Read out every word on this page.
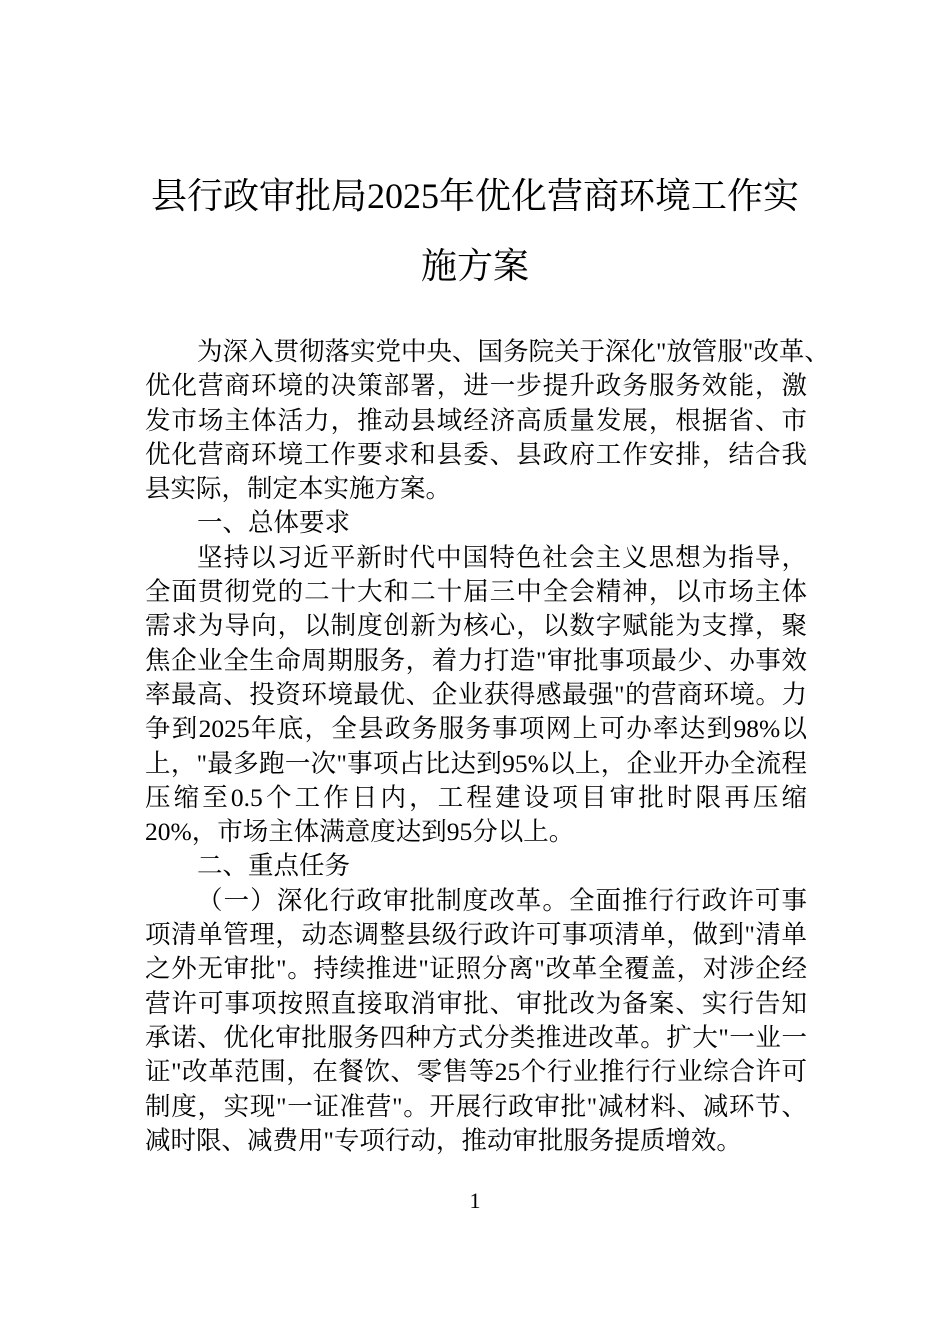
县行政审批局2025年优化营商环境工作实
施方案
为深入贯彻落实党中央、国务院关于深化"放管服"改革、
优化营商环境的决策部署，进一步提升政务服务效能，激
发市场主体活力，推动县域经济高质量发展，根据省、市
优化营商环境工作要求和县委、县政府工作安排，结合我
县实际，制定本实施方案。
一、总体要求
坚持以习近平新时代中国特色社会主义思想为指导，
全面贯彻党的二十大和二十届三中全会精神，以市场主体
需求为导向，以制度创新为核心，以数字赋能为支撑，聚
焦企业全生命周期服务，着力打造"审批事项最少、办事效
率最高、投资环境最优、企业获得感最强"的营商环境。力
争到2025年底，全县政务服务事项网上可办率达到98%以
上，"最多跑一次"事项占比达到95%以上，企业开办全流程
压缩至0.5个工作日内，工程建设项目审批时限再压缩
20%，市场主体满意度达到95分以上。
二、重点任务
（一）深化行政审批制度改革。全面推行行政许可事
项清单管理，动态调整县级行政许可事项清单，做到"清单
之外无审批"。持续推进"证照分离"改革全覆盖，对涉企经
营许可事项按照直接取消审批、审批改为备案、实行告知
承诺、优化审批服务四种方式分类推进改革。扩大"一业一
证"改革范围，在餐饮、零售等25个行业推行行业综合许可
制度，实现"一证准营"。开展行政审批"减材料、减环节、
减时限、减费用"专项行动，推动审批服务提质增效。
1
